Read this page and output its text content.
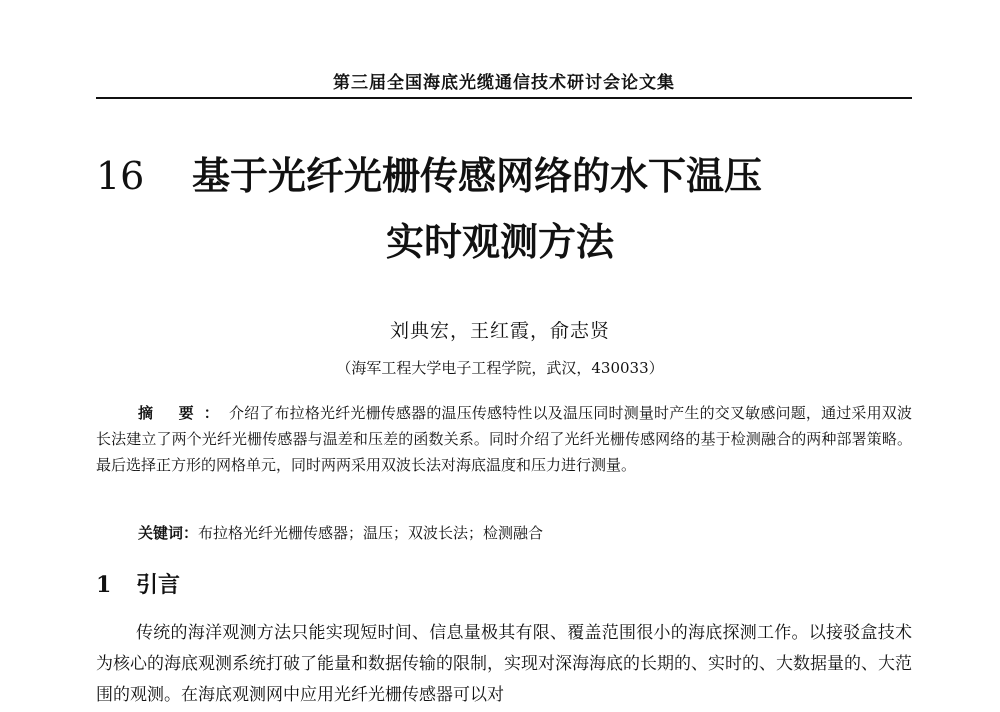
第三届全国海底光缆通信技术研讨会论文集
16 基于光纤光栅传感网络的水下温压
实时观测方法
刘典宏，王红霞，俞志贤
（海军工程大学电子工程学院，武汉，430033）

摘 要：介绍了布拉格光纤光栅传感器的温压传感特性以及温压同时测量时产生的交叉敏感问题，通过采用双波长法建立了两个光纤光栅传感器与温差和压差的函数关系。同时介绍了光纤光栅传感网络的基于检测融合的两种部署策略。最后选择正方形的网格单元，同时两两采用双波长法对海底温度和压力进行测量。

关键词：布拉格光纤光栅传感器；温压；双波长法；检测融合
1 引言

传统的海洋观测方法只能实现短时间、信息量极其有限、覆盖范围很小的海底探测工作。以接驳盒技术为核心的海底观测系统打破了能量和数据传输的限制，实现对深海海底的长期的、实时的、大数据量的、大范围的观测。在海底观测网中应用光纤光栅传感器可以对
